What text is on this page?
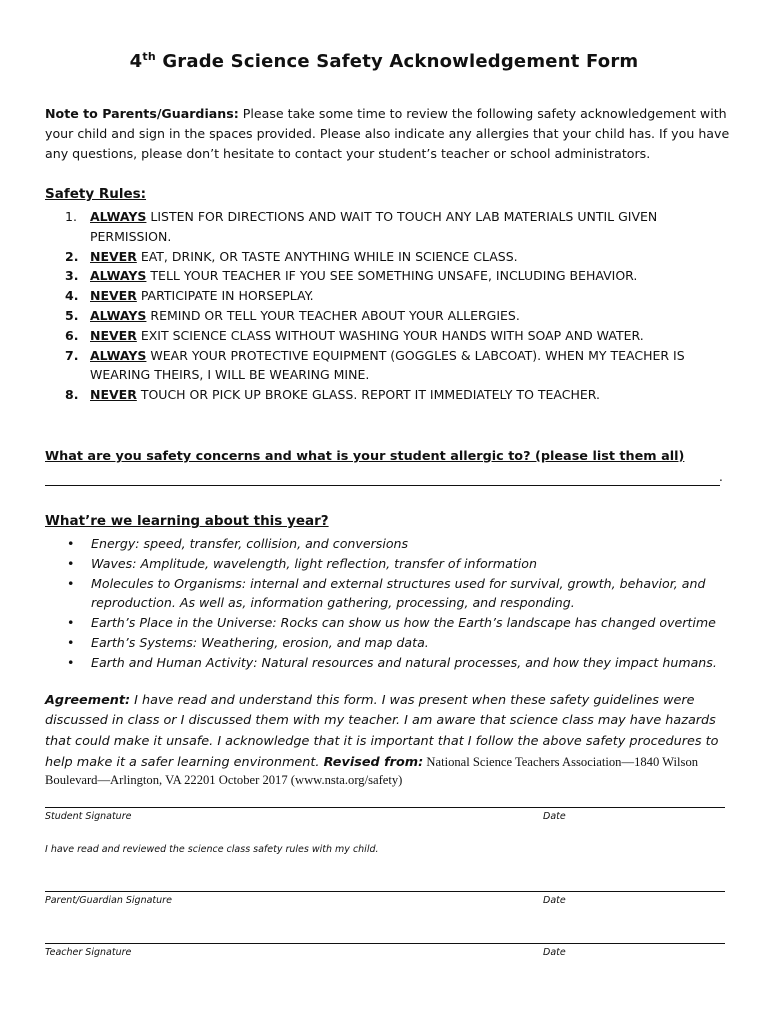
4th Grade Science Safety Acknowledgement Form
Note to Parents/Guardians: Please take some time to review the following safety acknowledgement with your child and sign in the spaces provided. Please also indicate any allergies that your child has. If you have any questions, please don’t hesitate to contact your student’s teacher or school administrators.
Safety Rules:
1. ALWAYS LISTEN FOR DIRECTIONS AND WAIT TO TOUCH ANY LAB MATERIALS UNTIL GIVEN PERMISSION.
2. NEVER EAT, DRINK, OR TASTE ANYTHING WHILE IN SCIENCE CLASS.
3. ALWAYS TELL YOUR TEACHER IF YOU SEE SOMETHING UNSAFE, INCLUDING BEHAVIOR.
4. NEVER PARTICIPATE IN HORSEPLAY.
5. ALWAYS REMIND OR TELL YOUR TEACHER ABOUT YOUR ALLERGIES.
6. NEVER EXIT SCIENCE CLASS WITHOUT WASHING YOUR HANDS WITH SOAP AND WATER.
7. ALWAYS WEAR YOUR PROTECTIVE EQUIPMENT (GOGGLES & LABCOAT). WHEN MY TEACHER IS WEARING THEIRS, I WILL BE WEARING MINE.
8. NEVER TOUCH OR PICK UP BROKE GLASS. REPORT IT IMMEDIATELY TO TEACHER.
What are you safety concerns and what is your student allergic to? (please list them all)
.
What’re we learning about this year?
• Energy: speed, transfer, collision, and conversions
• Waves: Amplitude, wavelength, light reflection, transfer of information
• Molecules to Organisms: internal and external structures used for survival, growth, behavior, and reproduction. As well as, information gathering, processing, and responding.
• Earth’s Place in the Universe: Rocks can show us how the Earth’s landscape has changed overtime
• Earth’s Systems: Weathering, erosion, and map data.
• Earth and Human Activity: Natural resources and natural processes, and how they impact humans.
Agreement: I have read and understand this form. I was present when these safety guidelines were discussed in class or I discussed them with my teacher. I am aware that science class may have hazards that could make it unsafe. I acknowledge that it is important that I follow the above safety procedures to help make it a safer learning environment. Revised from: National Science Teachers Association—1840 Wilson
Boulevard—Arlington, VA 22201 October 2017 (www.nsta.org/safety)
Student Signature	Date
I have read and reviewed the science class safety rules with my child.
Parent/Guardian Signature	Date
Teacher Signature	Date
